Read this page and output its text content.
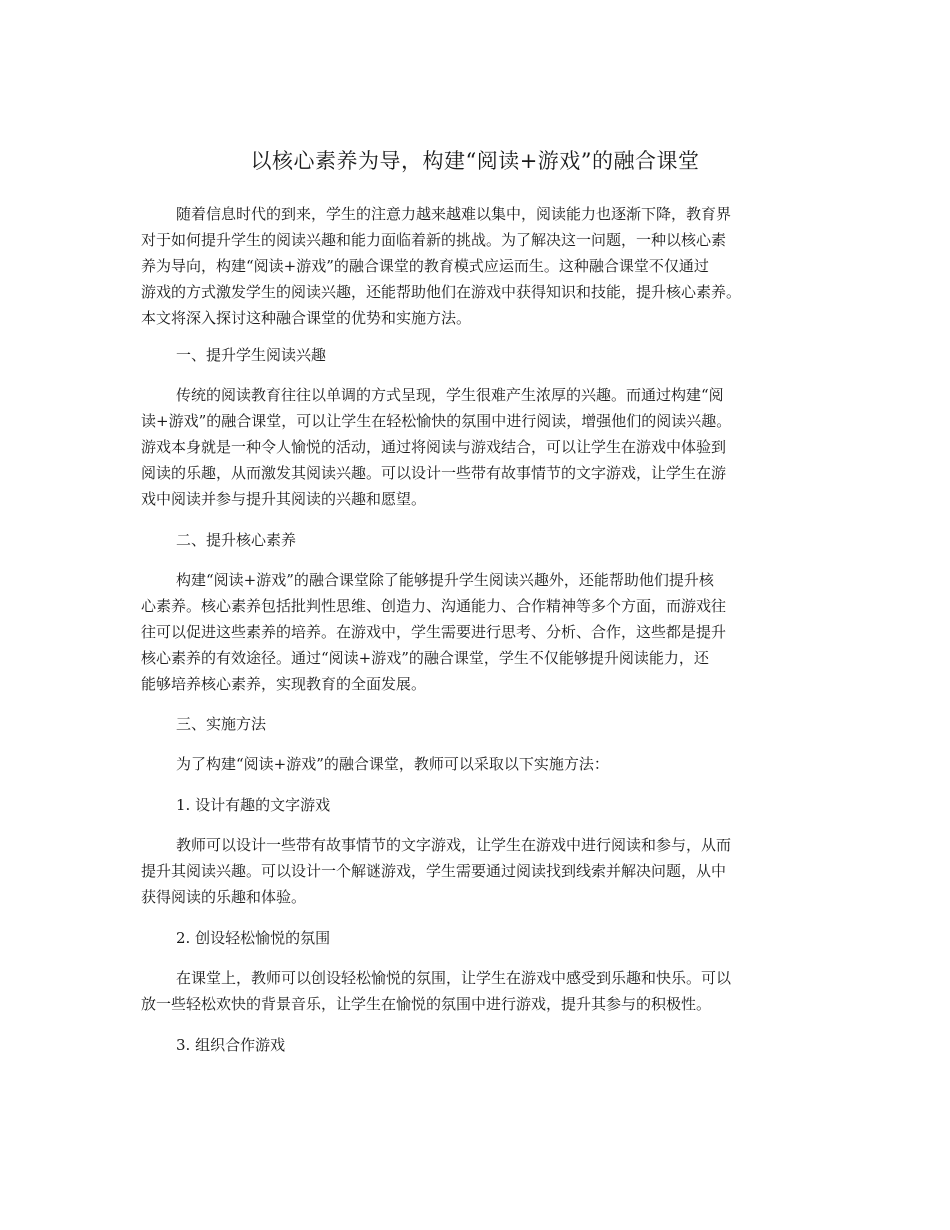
以核心素养为导，构建“阅读+游戏”的融合课堂
随着信息时代的到来，学生的注意力越来越难以集中，阅读能力也逐渐下降，教育界
对于如何提升学生的阅读兴趣和能力面临着新的挑战。为了解决这一问题，一种以核心素
养为导向，构建“阅读+游戏”的融合课堂的教育模式应运而生。这种融合课堂不仅通过
游戏的方式激发学生的阅读兴趣，还能帮助他们在游戏中获得知识和技能，提升核心素养。
本文将深入探讨这种融合课堂的优势和实施方法。
一、提升学生阅读兴趣
传统的阅读教育往往以单调的方式呈现，学生很难产生浓厚的兴趣。而通过构建“阅
读+游戏”的融合课堂，可以让学生在轻松愉快的氛围中进行阅读，增强他们的阅读兴趣。
游戏本身就是一种令人愉悦的活动，通过将阅读与游戏结合，可以让学生在游戏中体验到
阅读的乐趣，从而激发其阅读兴趣。可以设计一些带有故事情节的文字游戏，让学生在游
戏中阅读并参与提升其阅读的兴趣和愿望。
二、提升核心素养
构建“阅读+游戏”的融合课堂除了能够提升学生阅读兴趣外，还能帮助他们提升核
心素养。核心素养包括批判性思维、创造力、沟通能力、合作精神等多个方面，而游戏往
往可以促进这些素养的培养。在游戏中，学生需要进行思考、分析、合作，这些都是提升
核心素养的有效途径。通过“阅读+游戏”的融合课堂，学生不仅能够提升阅读能力，还
能够培养核心素养，实现教育的全面发展。
三、实施方法
为了构建“阅读+游戏”的融合课堂，教师可以采取以下实施方法：
1. 设计有趣的文字游戏
教师可以设计一些带有故事情节的文字游戏，让学生在游戏中进行阅读和参与，从而
提升其阅读兴趣。可以设计一个解谜游戏，学生需要通过阅读找到线索并解决问题，从中
获得阅读的乐趣和体验。
2. 创设轻松愉悦的氛围
在课堂上，教师可以创设轻松愉悦的氛围，让学生在游戏中感受到乐趣和快乐。可以
放一些轻松欢快的背景音乐，让学生在愉悦的氛围中进行游戏，提升其参与的积极性。
3. 组织合作游戏
